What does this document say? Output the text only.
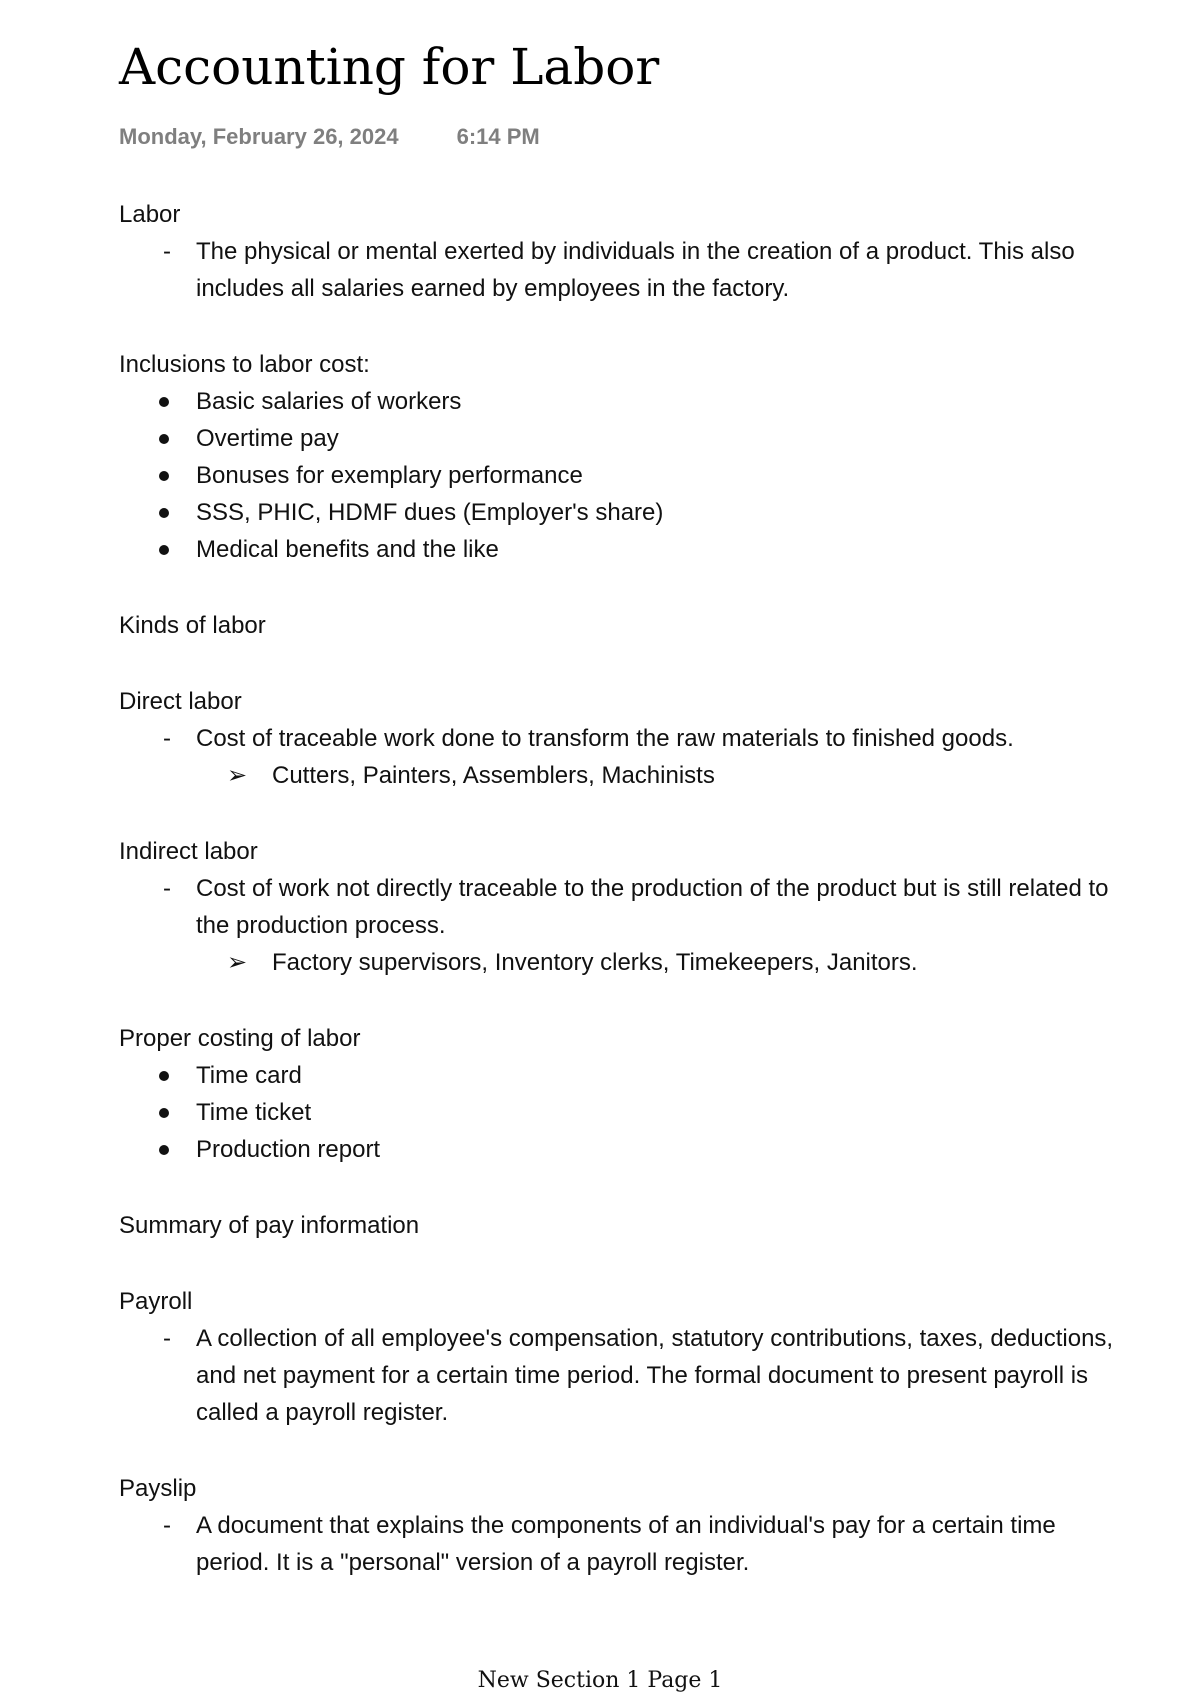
Accounting for Labor
Monday, February 26, 2024	6:14 PM

Labor

- The physical or mental exerted by individuals in the creation of a product. This also includes all salaries earned by employees in the factory.

Inclusions to labor cost:

Basic salaries of workers
Overtime pay
Bonuses for exemplary performance
SSS, PHIC, HDMF dues (Employer's share)
Medical benefits and the like

Kinds of labor

Direct labor

- Cost of traceable work done to transform the raw materials to finished goods.
➢ Cutters, Painters, Assemblers, Machinists

Indirect labor

- Cost of work not directly traceable to the production of the product but is still related to the production process.
➢ Factory supervisors, Inventory clerks, Timekeepers, Janitors.

Proper costing of labor

Time card
Time ticket
Production report

Summary of pay information

Payroll

- A collection of all employee's compensation, statutory contributions, taxes, deductions, and net payment for a certain time period. The formal document to present payroll is called a payroll register.

Payslip

- A document that explains the components of an individual's pay for a certain time period. It is a "personal" version of a payroll register.
New Section 1 Page 1
